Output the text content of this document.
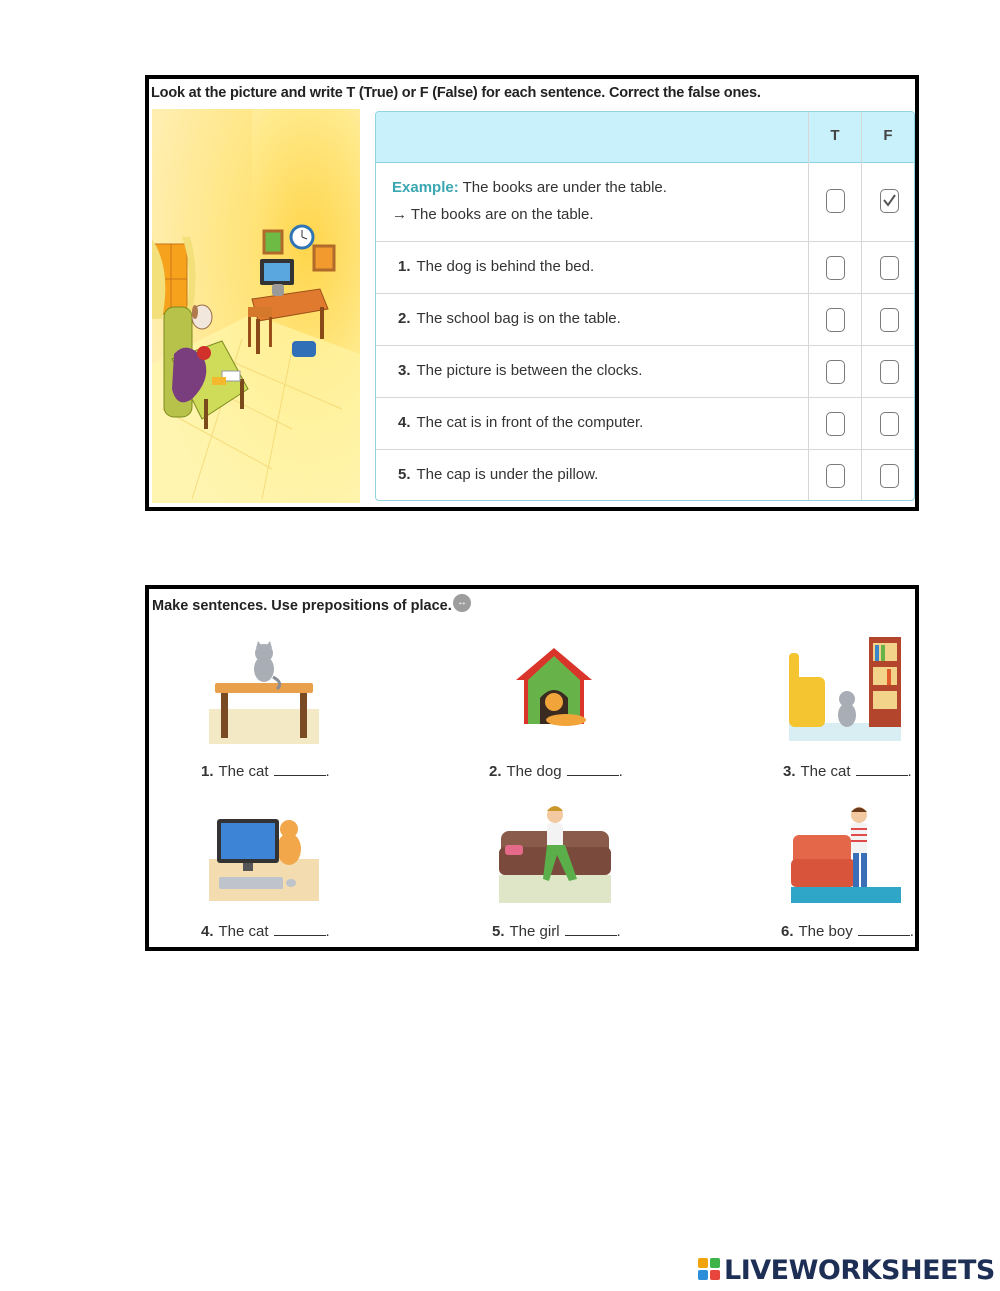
Look at the picture and write T (True) or F (False) for each sentence. Correct the false ones.
T	F
Example: The books are under the table.
→ The books are on the table.
1. The dog is behind the bed.
2. The school bag is on the table.
3. The picture is between the clocks.
4. The cat is in front of the computer.
5. The cap is under the pillow.
Make sentences. Use prepositions of place. ↔
1. The cat	.	2. The dog	.	3. The cat	.
4. The cat	.	5. The girl	.	6. The boy	.
LIVEWORKSHEETS
